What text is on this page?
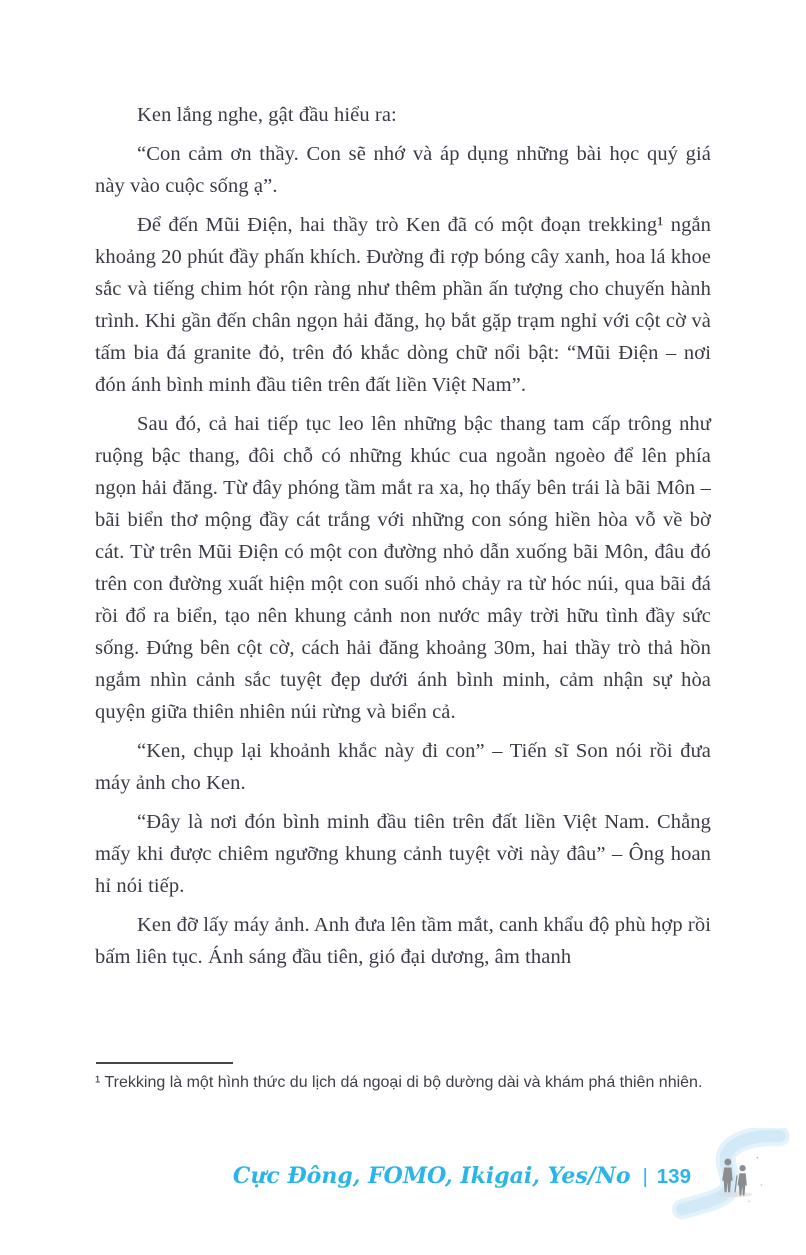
Ken lắng nghe, gật đầu hiểu ra:

“Con cảm ơn thầy. Con sẽ nhớ và áp dụng những bài học quý giá này vào cuộc sống ạ”.

Để đến Mũi Điện, hai thầy trò Ken đã có một đoạn trekking¹ ngắn khoảng 20 phút đầy phấn khích. Đường đi rợp bóng cây xanh, hoa lá khoe sắc và tiếng chim hót rộn ràng như thêm phần ấn tượng cho chuyến hành trình. Khi gần đến chân ngọn hải đăng, họ bắt gặp trạm nghỉ với cột cờ và tấm bia đá granite đỏ, trên đó khắc dòng chữ nổi bật: “Mũi Điện – nơi đón ánh bình minh đầu tiên trên đất liền Việt Nam”.

Sau đó, cả hai tiếp tục leo lên những bậc thang tam cấp trông như ruộng bậc thang, đôi chỗ có những khúc cua ngoằn ngoèo để lên phía ngọn hải đăng. Từ đây phóng tầm mắt ra xa, họ thấy bên trái là bãi Môn – bãi biển thơ mộng đầy cát trắng với những con sóng hiền hòa vỗ về bờ cát. Từ trên Mũi Điện có một con đường nhỏ dẫn xuống bãi Môn, đâu đó trên con đường xuất hiện một con suối nhỏ chảy ra từ hóc núi, qua bãi đá rồi đổ ra biển, tạo nên khung cảnh non nước mây trời hữu tình đầy sức sống. Đứng bên cột cờ, cách hải đăng khoảng 30m, hai thầy trò thả hồn ngắm nhìn cảnh sắc tuyệt đẹp dưới ánh bình minh, cảm nhận sự hòa quyện giữa thiên nhiên núi rừng và biển cả.

“Ken, chụp lại khoảnh khắc này đi con” – Tiến sĩ Son nói rồi đưa máy ảnh cho Ken.

“Đây là nơi đón bình minh đầu tiên trên đất liền Việt Nam. Chẳng mấy khi được chiêm ngưỡng khung cảnh tuyệt vời này đâu” – Ông hoan hỉ nói tiếp.

Ken đỡ lấy máy ảnh. Anh đưa lên tầm mắt, canh khẩu độ phù hợp rồi bấm liên tục. Ánh sáng đầu tiên, gió đại dương, âm thanh

¹ Trekking là một hình thức du lịch dá ngoại di bộ dường dài và khám phá thiên nhiên.
Cực Đông, FOMO, Ikigai, Yes/No | 139
